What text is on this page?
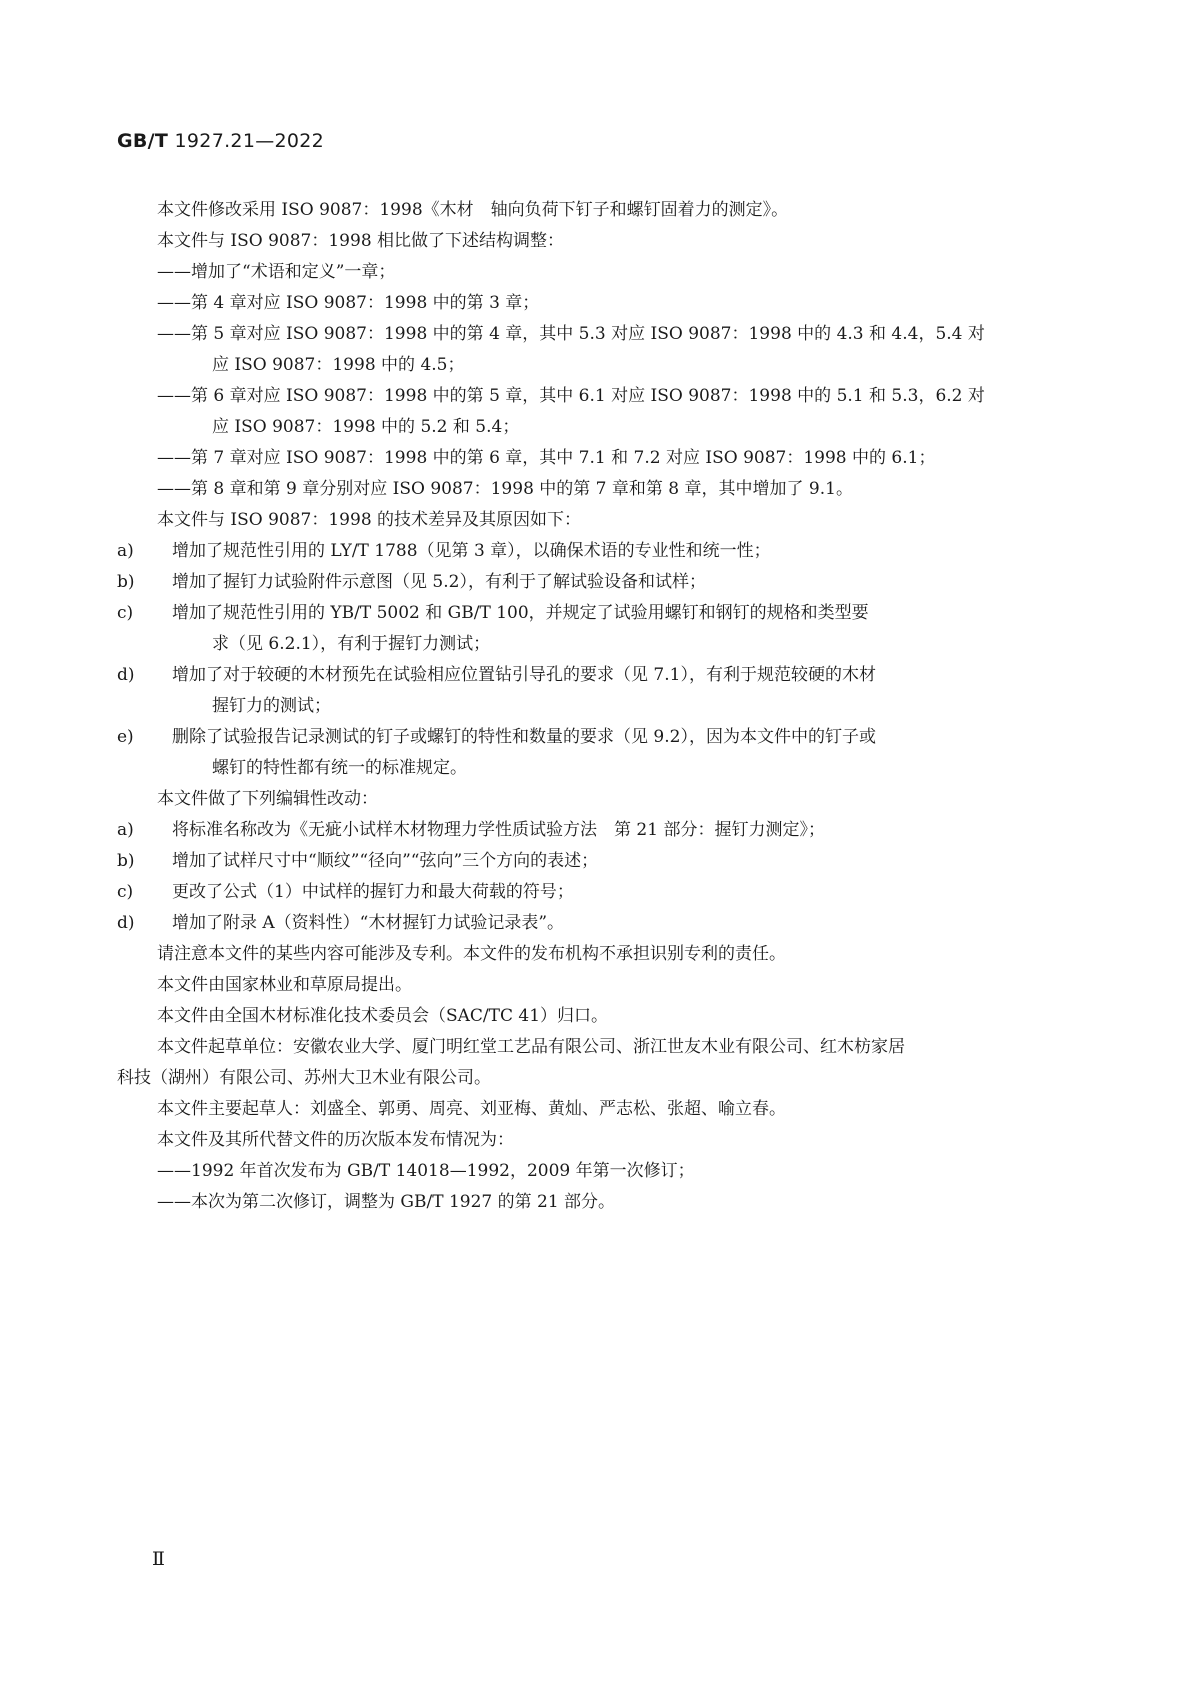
GB/T 1927.21—2022
本文件修改采用 ISO 9087：1998《木材　轴向负荷下钉子和螺钉固着力的测定》。
本文件与 ISO 9087：1998 相比做了下述结构调整：
——增加了“术语和定义”一章；
——第 4 章对应 ISO 9087：1998 中的第 3 章；
——第 5 章对应 ISO 9087：1998 中的第 4 章，其中 5.3 对应 ISO 9087：1998 中的 4.3 和 4.4，5.4 对
应 ISO 9087：1998 中的 4.5；
——第 6 章对应 ISO 9087：1998 中的第 5 章，其中 6.1 对应 ISO 9087：1998 中的 5.1 和 5.3，6.2 对
应 ISO 9087：1998 中的 5.2 和 5.4；
——第 7 章对应 ISO 9087：1998 中的第 6 章，其中 7.1 和 7.2 对应 ISO 9087：1998 中的 6.1；
——第 8 章和第 9 章分别对应 ISO 9087：1998 中的第 7 章和第 8 章，其中增加了 9.1。
本文件与 ISO 9087：1998 的技术差异及其原因如下：
a) 增加了规范性引用的 LY/T 1788（见第 3 章），以确保术语的专业性和统一性；
b) 增加了握钉力试验附件示意图（见 5.2），有利于了解试验设备和试样；
c) 增加了规范性引用的 YB/T 5002 和 GB/T 100，并规定了试验用螺钉和钢钉的规格和类型要
求（见 6.2.1），有利于握钉力测试；
d) 增加了对于较硬的木材预先在试验相应位置钻引导孔的要求（见 7.1），有利于规范较硬的木材
握钉力的测试；
e) 删除了试验报告记录测试的钉子或螺钉的特性和数量的要求（见 9.2），因为本文件中的钉子或
螺钉的特性都有统一的标准规定。
本文件做了下列编辑性改动：
a) 将标准名称改为《无疵小试样木材物理力学性质试验方法　第 21 部分：握钉力测定》；
b) 增加了试样尺寸中“顺纹”“径向”“弦向”三个方向的表述；
c) 更改了公式（1）中试样的握钉力和最大荷载的符号；
d) 增加了附录 A（资料性）“木材握钉力试验记录表”。
请注意本文件的某些内容可能涉及专利。本文件的发布机构不承担识别专利的责任。
本文件由国家林业和草原局提出。
本文件由全国木材标准化技术委员会（SAC/TC 41）归口。
本文件起草单位：安徽农业大学、厦门明红堂工艺品有限公司、浙江世友木业有限公司、红木枋家居
科技（湖州）有限公司、苏州大卫木业有限公司。
本文件主要起草人：刘盛全、郭勇、周亮、刘亚梅、黄灿、严志松、张超、喻立春。
本文件及其所代替文件的历次版本发布情况为：
——1992 年首次发布为 GB/T 14018—1992，2009 年第一次修订；
——本次为第二次修订，调整为 GB/T 1927 的第 21 部分。
Ⅱ
